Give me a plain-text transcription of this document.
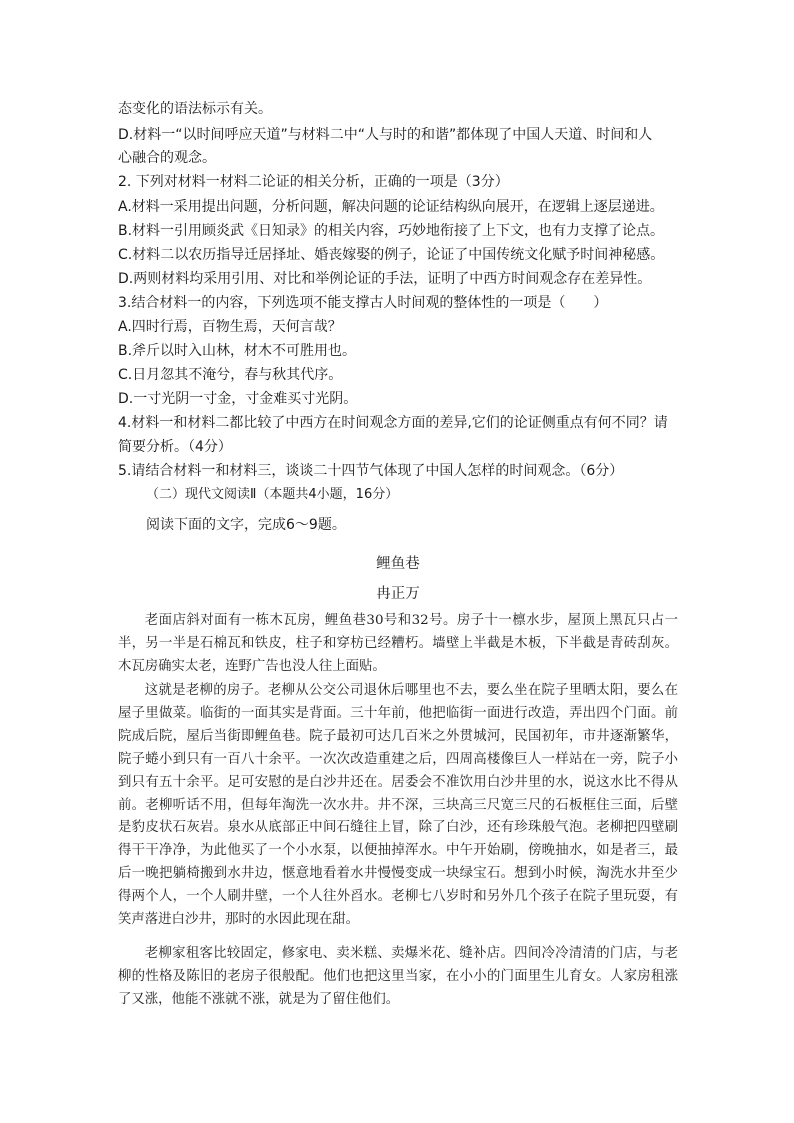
态变化的语法标示有关。
D.材料一“以时间呼应天道”与材料二中“人与时的和谐”都体现了中国人天道、时间和人
心融合的观念。
2. 下列对材料一材料二论证的相关分析，正确的一项是（3分）
A.材料一采用提出问题，分析问题，解决问题的论证结构纵向展开，在逻辑上逐层递进。
B.材料一引用顾炎武《日知录》的相关内容，巧妙地衔接了上下文，也有力支撑了论点。
C.材料二以农历指导迁居择址、婚丧嫁娶的例子，论证了中国传统文化赋予时间神秘感。
D.两则材料均采用引用、对比和举例论证的手法，证明了中西方时间观念存在差异性。
3.结合材料一的内容，下列选项不能支撑古人时间观的整体性的一项是（　　）
A.四时行焉，百物生焉，天何言哉？
B.斧斤以时入山林，材木不可胜用也。
C.日月忽其不淹兮，春与秋其代序。
D.一寸光阴一寸金，寸金难买寸光阴。
4.材料一和材料二都比较了中西方在时间观念方面的差异,它们的论证侧重点有何不同？请
简要分析。（4分）
5.请结合材料一和材料三，谈谈二十四节气体现了中国人怎样的时间观念。（6分）
（二）现代文阅读Ⅱ（本题共4小题，16分）
阅读下面的文字，完成6～9题。
鲤鱼巷
冉正万
老面店斜对面有一栋木瓦房，鲤鱼巷30号和32号。房子十一檩水步，屋顶上黑瓦只占一半，另一半是石棉瓦和铁皮，柱子和穿枋已经糟朽。墙壁上半截是木板，下半截是青砖刮灰。木瓦房确实太老，连野广告也没人往上面贴。
这就是老柳的房子。老柳从公交公司退休后哪里也不去，要么坐在院子里晒太阳，要么在屋子里做菜。临街的一面其实是背面。三十年前，他把临街一面进行改造，弄出四个门面。前院成后院，屋后当街即鲤鱼巷。院子最初可达几百米之外贯城河，民国初年，市井逐渐繁华，院子蜷小到只有一百八十余平。一次次改造重建之后，四周高楼像巨人一样站在一旁，院子小到只有五十余平。足可安慰的是白沙井还在。居委会不准饮用白沙井里的水，说这水比不得从前。老柳听话不用，但每年淘洗一次水井。井不深，三块高三尺宽三尺的石板框住三面，后壁是豹皮状石灰岩。泉水从底部正中间石缝往上冒，除了白沙，还有珍珠般气泡。老柳把四壁刷得干干净净，为此他买了一个小水泵，以便抽掉浑水。中午开始刷，傍晚抽水，如是者三，最后一晚把躺椅搬到水井边，惬意地看着水井慢慢变成一块绿宝石。想到小时候，淘洗水井至少得两个人，一个人刷井壁，一个人往外舀水。老柳七八岁时和另外几个孩子在院子里玩耍，有笑声落进白沙井，那时的水因此现在甜。
老柳家租客比较固定，修家电、卖米糕、卖爆米花、缝补店。四间冷冷清清的门店，与老柳的性格及陈旧的老房子很般配。他们也把这里当家，在小小的门面里生儿育女。人家房租涨了又涨，他能不涨就不涨，就是为了留住他们。
